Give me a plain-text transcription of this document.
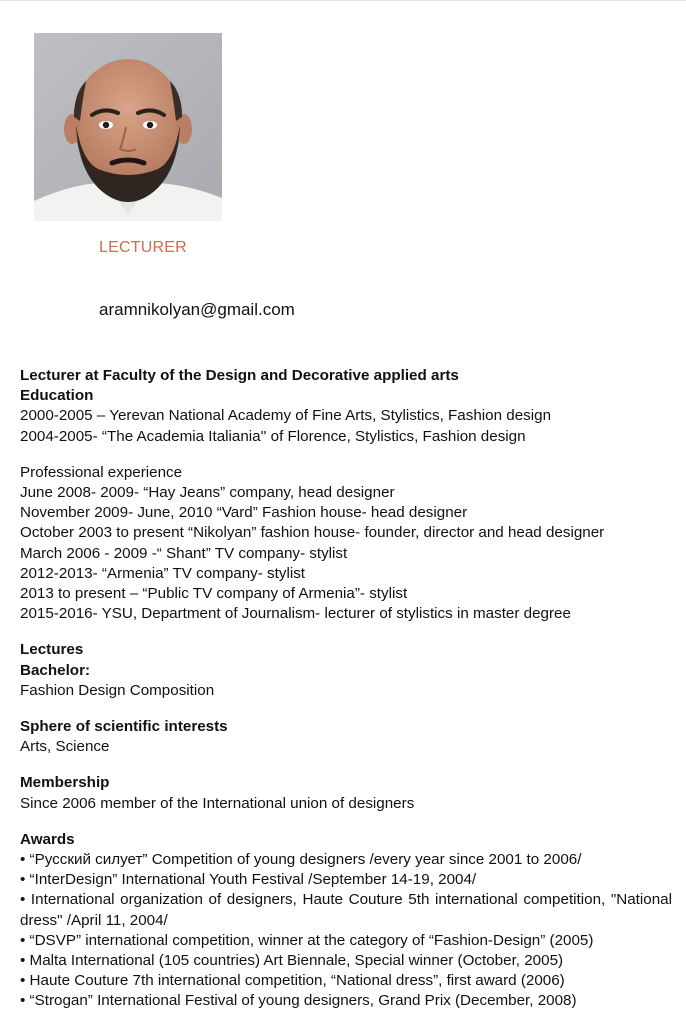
LECTURER
aramnikolyan@gmail.com
Lecturer at Faculty of the Design and Decorative applied arts
Education
2000-2005 – Yerevan National Academy of Fine Arts, Stylistics, Fashion design
2004-2005- “The Academia Italiania'' of Florence, Stylistics, Fashion design
Professional experience
June 2008- 2009- “Hay Jeans” company, head designer
November 2009- June, 2010 “Vard” Fashion house- head designer
October 2003 to present “Nikolyan” fashion house- founder, director and head designer
March 2006 - 2009 -“ Shant” TV company- stylist
2012-2013- “Armenia” TV company- stylist
2013 to present – “Public TV company of Armenia”- stylist
2015-2016- YSU, Department of Journalism- lecturer of stylistics in master degree
Lectures
Bachelor:
Fashion Design Composition
Sphere of scientific interests
Arts, Science
Membership
Since 2006 member of the International union of designers
Awards
• “Русский силует” Competition of young designers /every year since 2001 to 2006/
• “InterDesign” International Youth Festival /September 14-19, 2004/
• International organization of designers, Haute Couture 5th international competition, "National dress" /April 11, 2004/
• “DSVP” international competition, winner at the category of “Fashion-Design” (2005)
• Malta International (105 countries) Art Biennale, Special winner (October, 2005)
• Haute Couture 7th international competition, “National dress”, first award (2006)
• “Strogan” International Festival of young designers, Grand Prix (December, 2008)
